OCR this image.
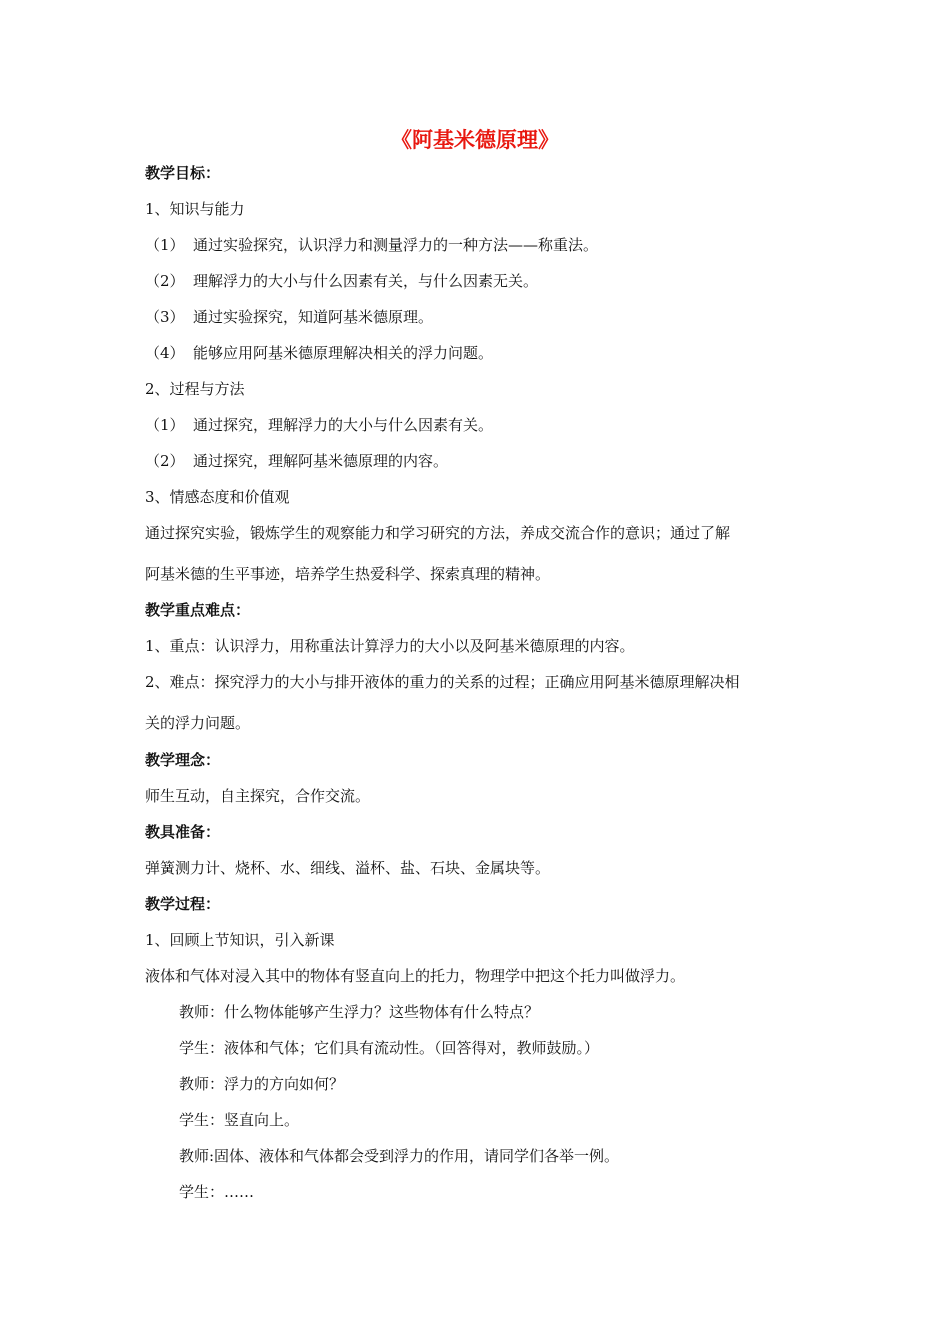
《阿基米德原理》

教学目标：

1、知识与能力

（1） 通过实验探究，认识浮力和测量浮力的一种方法——称重法。

（2） 理解浮力的大小与什么因素有关，与什么因素无关。

（3） 通过实验探究，知道阿基米德原理。

（4） 能够应用阿基米德原理解决相关的浮力问题。

2、过程与方法

（1） 通过探究，理解浮力的大小与什么因素有关。

（2） 通过探究，理解阿基米德原理的内容。

3、情感态度和价值观

通过探究实验，锻炼学生的观察能力和学习研究的方法，养成交流合作的意识；通过了解

阿基米德的生平事迹，培养学生热爱科学、探索真理的精神。

教学重点难点：

1、重点：认识浮力，用称重法计算浮力的大小以及阿基米德原理的内容。

2、难点：探究浮力的大小与排开液体的重力的关系的过程；正确应用阿基米德原理解决相

关的浮力问题。

教学理念：

师生互动，自主探究，合作交流。

教具准备：

弹簧测力计、烧杯、水、细线、溢杯、盐、石块、金属块等。

教学过程：

1、回顾上节知识，引入新课

液体和气体对浸入其中的物体有竖直向上的托力，物理学中把这个托力叫做浮力。

教师：什么物体能够产生浮力？这些物体有什么特点？

学生：液体和气体；它们具有流动性。（回答得对，教师鼓励。）

教师：浮力的方向如何？

学生：竖直向上。

教师:固体、液体和气体都会受到浮力的作用，请同学们各举一例。

学生：……
